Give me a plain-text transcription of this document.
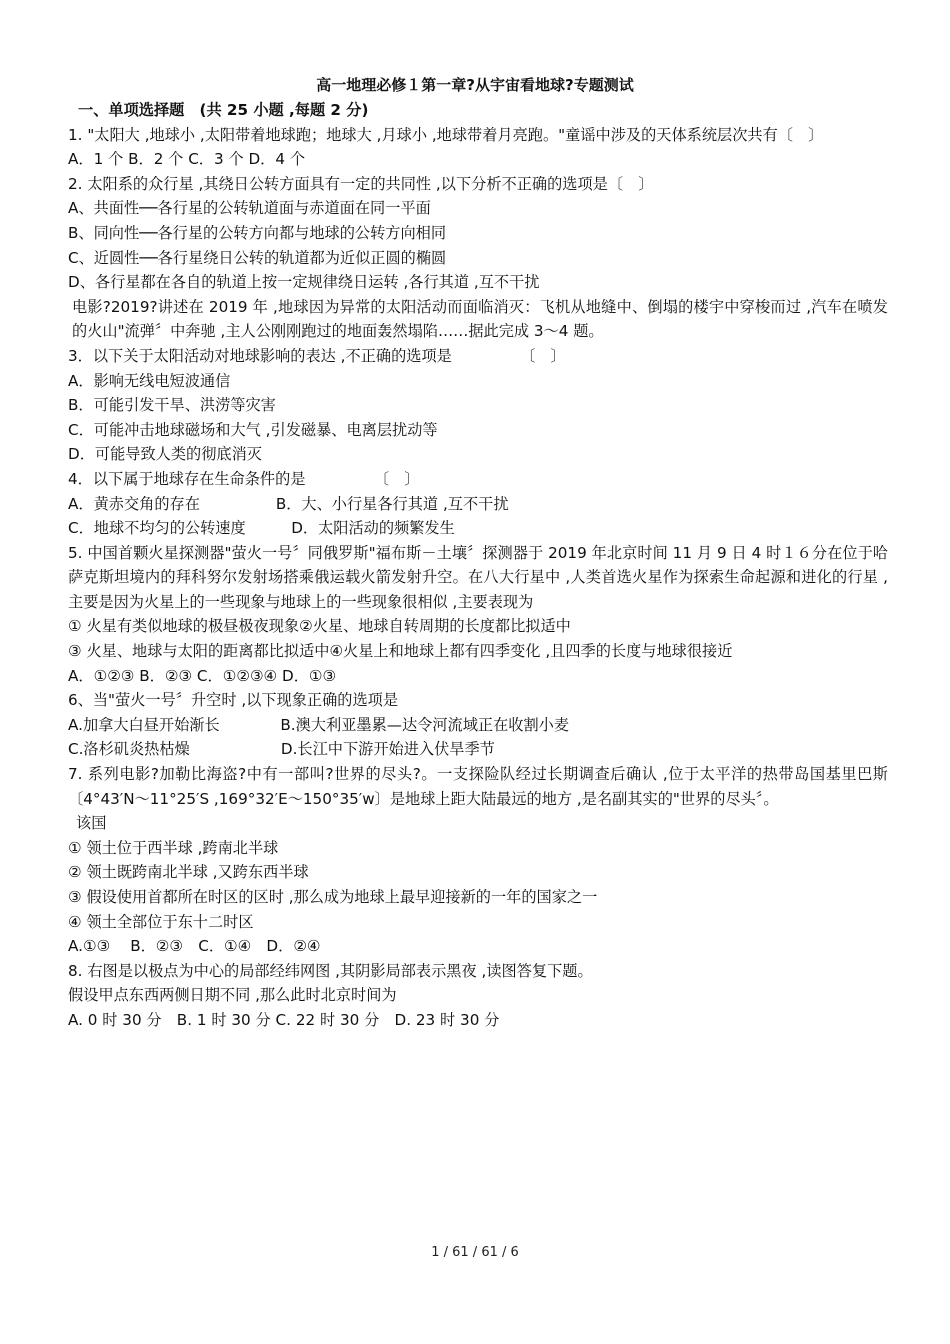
高一地理必修１第一章?从宇宙看地球?专题测试

一、单项选择题　(共 25 小题 ,每题 2 分)

1. "太阳大 ,地球小 ,太阳带着地球跑；地球大 ,月球小 ,地球带着月亮跑。"童谣中涉及的天体系统层次共有〔　〕

A．1 个 B．2 个 C．3 个 D．4 个

2. 太阳系的众行星 ,其绕日公转方面具有一定的共同性 ,以下分析不正确的选项是〔　〕

A、共面性──各行星的公转轨道面与赤道面在同一平面

B、同向性──各行星的公转方向都与地球的公转方向相同

C、近圆性──各行星绕日公转的轨道都为近似正圆的椭圆

D、各行星都在各自的轨道上按一定规律绕日运转 ,各行其道 ,互不干扰

电影?2019?讲述在 2019 年 ,地球因为异常的太阳活动而面临消灭：飞机从地缝中、倒塌的楼宇中穿梭而过 ,汽车在喷发的火山"流弹〞中奔驰 ,主人公刚刚跑过的地面轰然塌陷……据此完成 3～4 题。

3．以下关于太阳活动对地球影响的表达 ,不正确的选项是　　　　　〔　〕

A．影响无线电短波通信

B．可能引发干旱、洪涝等灾害

C．可能冲击地球磁场和大气 ,引发磁暴、电离层扰动等

D．可能导致人类的彻底消灭

4．以下属于地球存在生命条件的是　　　　　〔　〕

A．黄赤交角的存在　　　　　B．大、小行星各行其道 ,互不干扰

C．地球不均匀的公转速度　　　D．太阳活动的频繁发生

5. 中国首颗火星探测器"萤火一号〞同俄罗斯"福布斯－土壤〞探测器于 2019 年北京时间 11 月 9 日 4 时１６分在位于哈萨克斯坦境内的拜科努尔发射场搭乘俄运载火箭发射升空。在八大行星中 ,人类首选火星作为探索生命起源和进化的行星 ,主要是因为火星上的一些现象与地球上的一些现象很相似 ,主要表现为

① 火星有类似地球的极昼极夜现象②火星、地球自转周期的长度都比拟适中

③ 火星、地球与太阳的距离都比拟适中④火星上和地球上都有四季变化 ,且四季的长度与地球很接近

A．①②③ B．②③ C．①②③④ D．①③

6、当"萤火一号〞升空时 ,以下现象正确的选项是

A.加拿大白昼开始渐长　　　　B.澳大利亚墨累—达令河流域正在收割小麦

C.洛杉矶炎热枯燥　　　　　　D.长江中下游开始进入伏旱季节

7. 系列电影?加勒比海盗?中有一部叫?世界的尽头?。一支探险队经过长期调查后确认 ,位于太平洋的热带岛国基里巴斯〔4°43′N～11°25′S ,169°32′E～150°35′w〕是地球上距大陆最远的地方 ,是名副其实的"世界的尽头〞。

该国

① 领土位于西半球 ,跨南北半球

② 领土既跨南北半球 ,又跨东西半球

③ 假设使用首都所在时区的区时 ,那么成为地球上最早迎接新的一年的国家之一

④ 领土全部位于东十二时区

A.①③　 B．②③　C．①④　D．②④

8. 右图是以极点为中心的局部经纬网图 ,其阴影局部表示黑夜 ,读图答复下题。

假设甲点东西两侧日期不同 ,那么此时北京时间为

A. 0 时 30 分　B. 1 时 30 分 C. 22 时 30 分　D. 23 时 30 分

1 / 61 / 61 / 6
